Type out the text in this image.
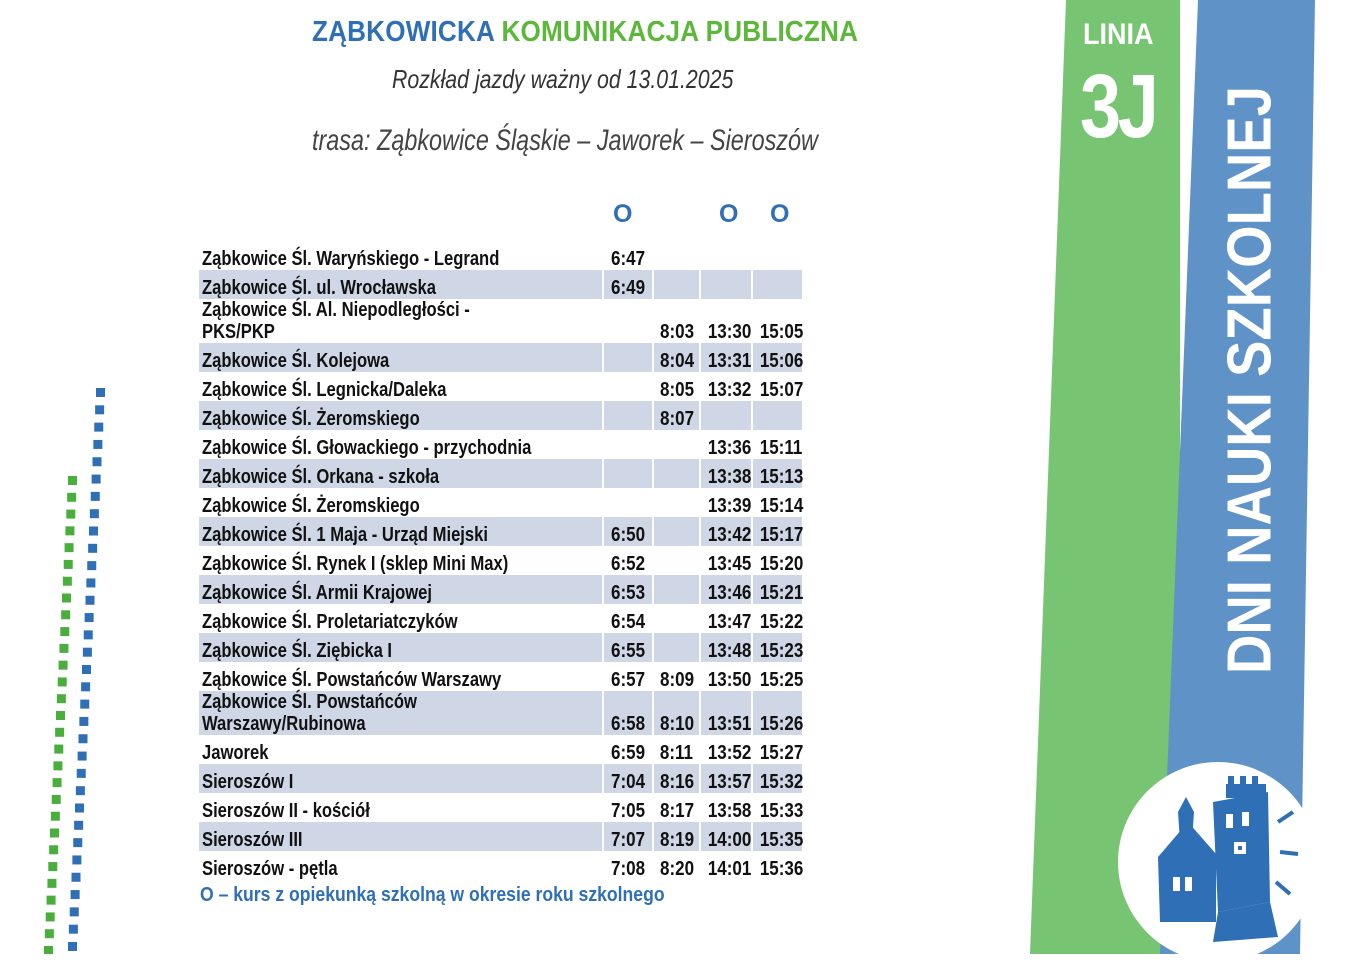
ZĄBKOWICKA KOMUNIKACJA PUBLICZNA
Rozkład jazdy ważny od 13.01.2025
trasa: Ząbkowice Śląskie – Jaworek – Sieroszów
O	O O
Ząbkowice Śl. Waryńskiego - Legrand	6:47			
Ząbkowice Śl. ul. Wrocławska	6:49			
Ząbkowice Śl. Al. Niepodległości - PKS/PKP		8:03	13:30	15:05
Ząbkowice Śl. Kolejowa		8:04	13:31	15:06
Ząbkowice Śl. Legnicka/Daleka		8:05	13:32	15:07
Ząbkowice Śl. Żeromskiego		8:07		
Ząbkowice Śl. Głowackiego - przychodnia			13:36	15:11
Ząbkowice Śl. Orkana - szkoła			13:38	15:13
Ząbkowice Śl. Żeromskiego			13:39	15:14
Ząbkowice Śl. 1 Maja - Urząd Miejski	6:50		13:42	15:17
Ząbkowice Śl. Rynek I (sklep Mini Max)	6:52		13:45	15:20
Ząbkowice Śl. Armii Krajowej	6:53		13:46	15:21
Ząbkowice Śl. Proletariatczyków	6:54		13:47	15:22
Ząbkowice Śl. Ziębicka I	6:55		13:48	15:23
Ząbkowice Śl. Powstańców Warszawy	6:57	8:09	13:50	15:25
Ząbkowice Śl. Powstańców Warszawy/Rubinowa	6:58	8:10	13:51	15:26
Jaworek	6:59	8:11	13:52	15:27
Sieroszów I	7:04	8:16	13:57	15:32
Sieroszów II - kościół	7:05	8:17	13:58	15:33
Sieroszów III	7:07	8:19	14:00	15:35
Sieroszów - pętla	7:08	8:20	14:01	15:36
O – kurs z opiekunką szkolną w okresie roku szkolnego
LINIA
3J DNI NAUKI SZKOLNEJ
